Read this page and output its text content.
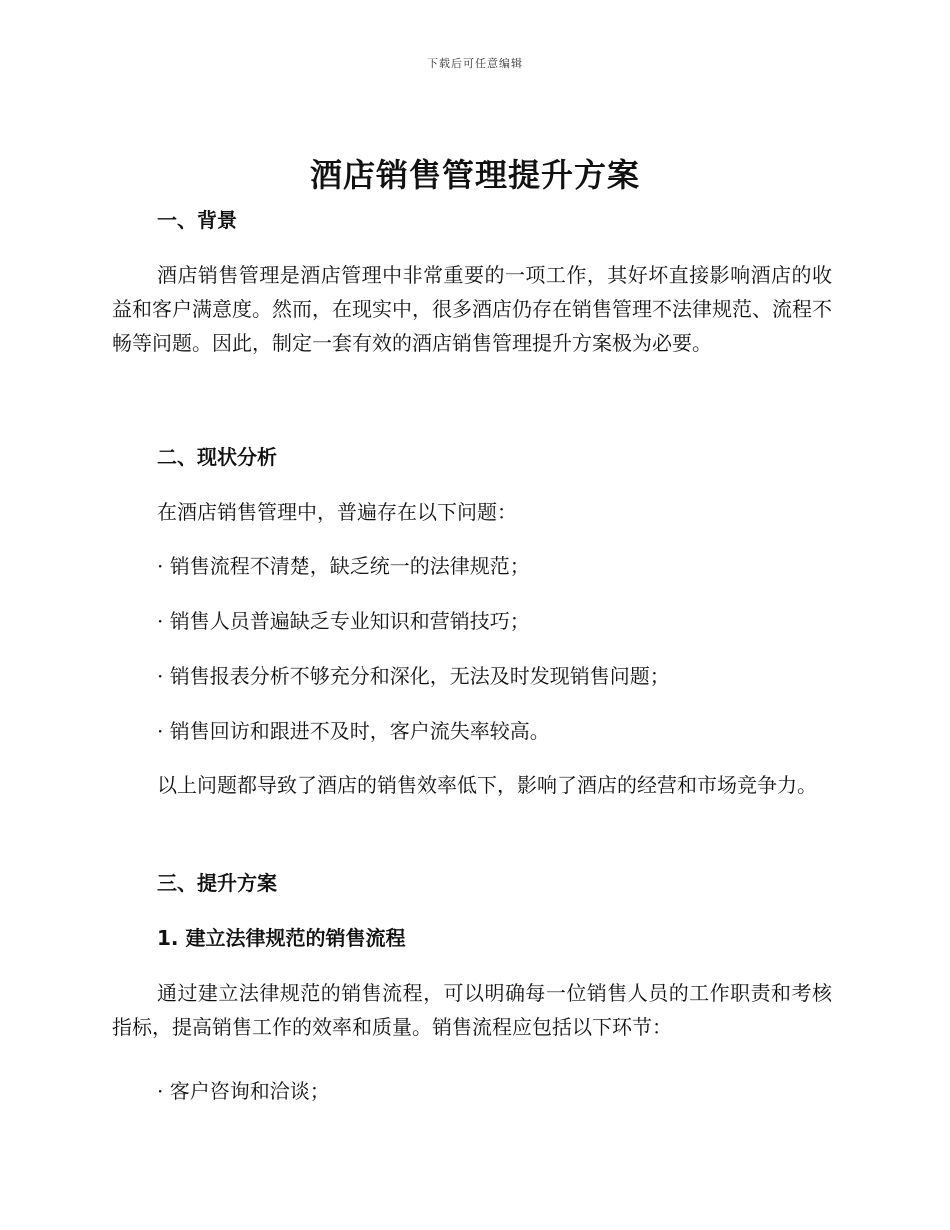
下载后可任意编辑
酒店销售管理提升方案
一、背景

酒店销售管理是酒店管理中非常重要的一项工作，其好坏直接影响酒店的收益和客户满意度。然而，在现实中，很多酒店仍存在销售管理不法律规范、流程不畅等问题。因此，制定一套有效的酒店销售管理提升方案极为必要。

二、现状分析
在酒店销售管理中，普遍存在以下问题：
· 销售流程不清楚，缺乏统一的法律规范；
· 销售人员普遍缺乏专业知识和营销技巧；
· 销售报表分析不够充分和深化，无法及时发现销售问题；
· 销售回访和跟进不及时，客户流失率较高。

以上问题都导致了酒店的销售效率低下，影响了酒店的经营和市场竞争力。

三、提升方案
1. 建立法律规范的销售流程

通过建立法律规范的销售流程，可以明确每一位销售人员的工作职责和考核指标，提高销售工作的效率和质量。销售流程应包括以下环节：

· 客户咨询和洽谈；
